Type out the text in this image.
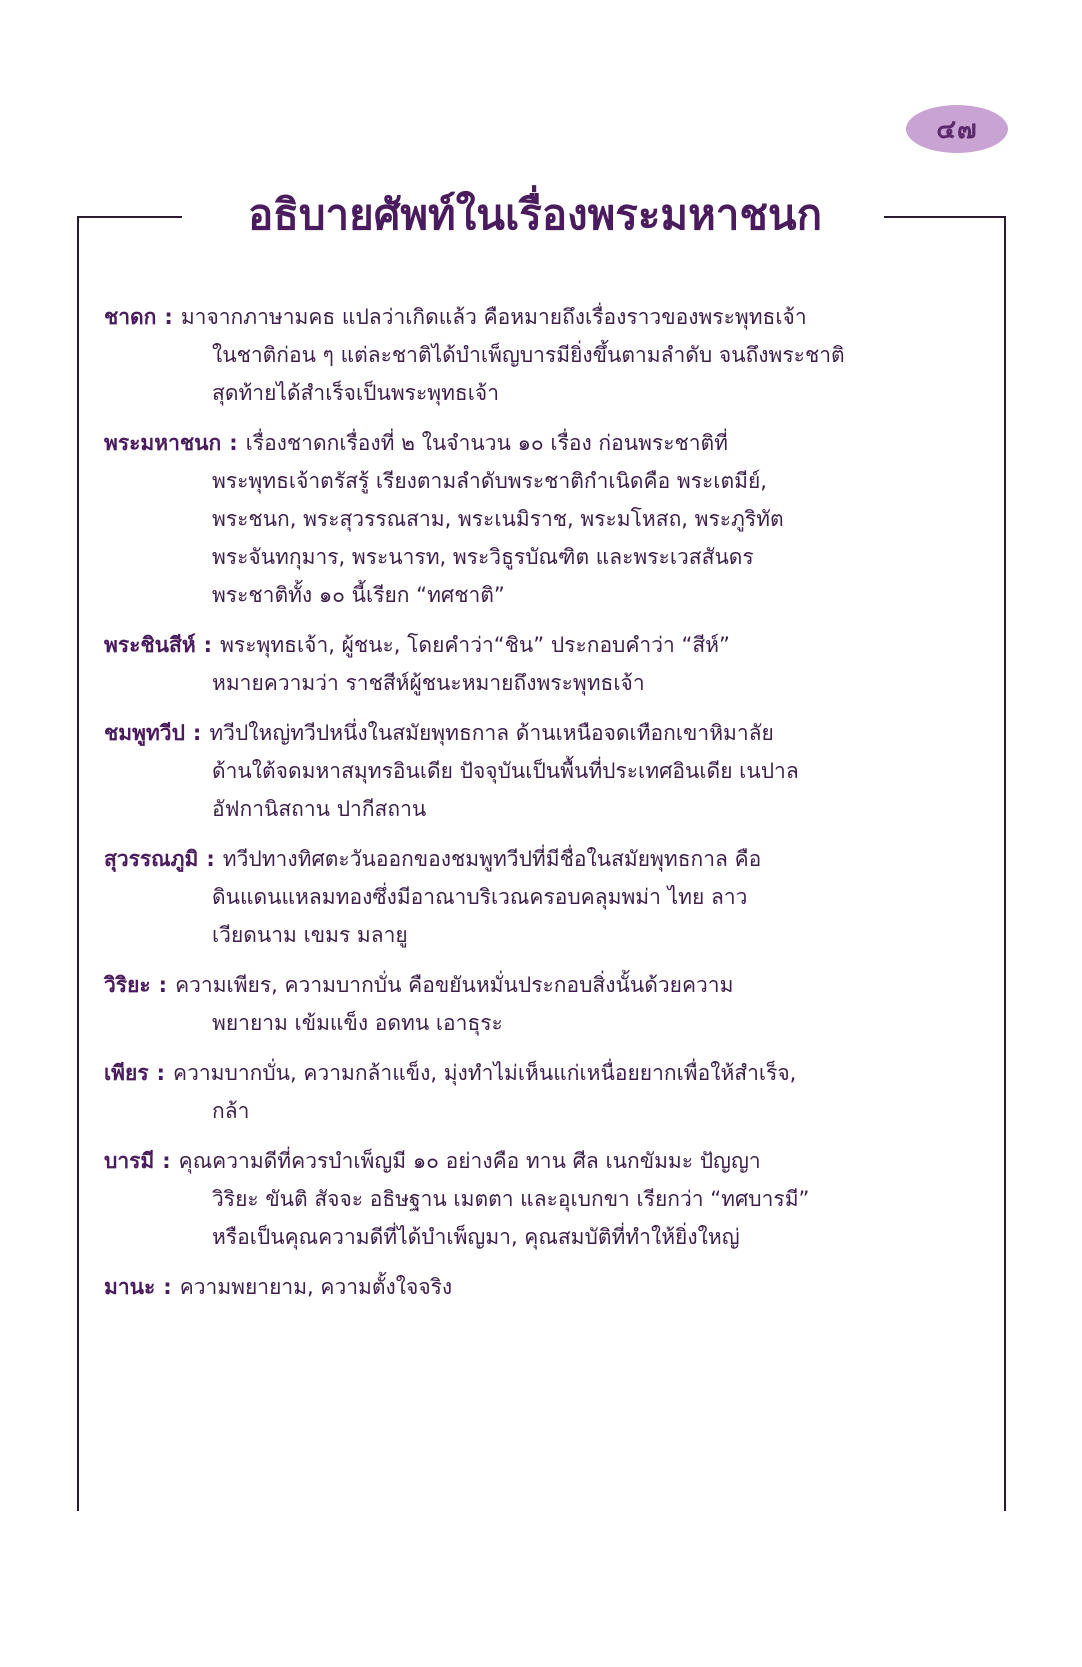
๔๗
อธิบายศัพท์ในเรื่องพระมหาชนก
ชาดก : มาจากภาษามคธ แปลว่าเกิดแล้ว คือหมายถึงเรื่องราวของพระพุทธเจ้า
ในชาติก่อน ๆ แต่ละชาติได้บำเพ็ญบารมียิ่งขึ้นตามลำดับ จนถึงพระชาติ
สุดท้ายได้สำเร็จเป็นพระพุทธเจ้า
พระมหาชนก : เรื่องชาดกเรื่องที่ ๒ ในจำนวน ๑๐ เรื่อง ก่อนพระชาติที่
พระพุทธเจ้าตรัสรู้ เรียงตามลำดับพระชาติกำเนิดคือ พระเตมีย์,
พระชนก, พระสุวรรณสาม, พระเนมิราช, พระมโหสถ, พระภูริทัต
พระจันทกุมาร, พระนารท, พระวิธูรบัณฑิต และพระเวสสันดร
พระชาติทั้ง ๑๐ นี้เรียก “ทศชาติ”
พระชินสีห์ : พระพุทธเจ้า, ผู้ชนะ, โดยคำว่า“ชิน” ประกอบคำว่า “สีห์”
หมายความว่า ราชสีห์ผู้ชนะหมายถึงพระพุทธเจ้า
ชมพูทวีป : ทวีปใหญ่ทวีปหนึ่งในสมัยพุทธกาล ด้านเหนือจดเทือกเขาหิมาลัย
ด้านใต้จดมหาสมุทรอินเดีย ปัจจุบันเป็นพื้นที่ประเทศอินเดีย เนปาล
อัฟกานิสถาน ปากีสถาน
สุวรรณภูมิ : ทวีปทางทิศตะวันออกของชมพูทวีปที่มีชื่อในสมัยพุทธกาล คือ
ดินแดนแหลมทองซึ่งมีอาณาบริเวณครอบคลุมพม่า ไทย ลาว
เวียดนาม เขมร มลายู
วิริยะ : ความเพียร, ความบากบั่น คือขยันหมั่นประกอบสิ่งนั้นด้วยความ
พยายาม เข้มแข็ง อดทน เอาธุระ
เพียร : ความบากบั่น, ความกล้าแข็ง, มุ่งทำไม่เห็นแก่เหนื่อยยากเพื่อให้สำเร็จ,
กล้า
บารมี : คุณความดีที่ควรบำเพ็ญมี ๑๐ อย่างคือ ทาน ศีล เนกขัมมะ ปัญญา
วิริยะ ขันติ สัจจะ อธิษฐาน เมตตา และอุเบกขา เรียกว่า “ทศบารมี”
หรือเป็นคุณความดีที่ได้บำเพ็ญมา, คุณสมบัติที่ทำให้ยิ่งใหญ่
มานะ : ความพยายาม, ความตั้งใจจริง
